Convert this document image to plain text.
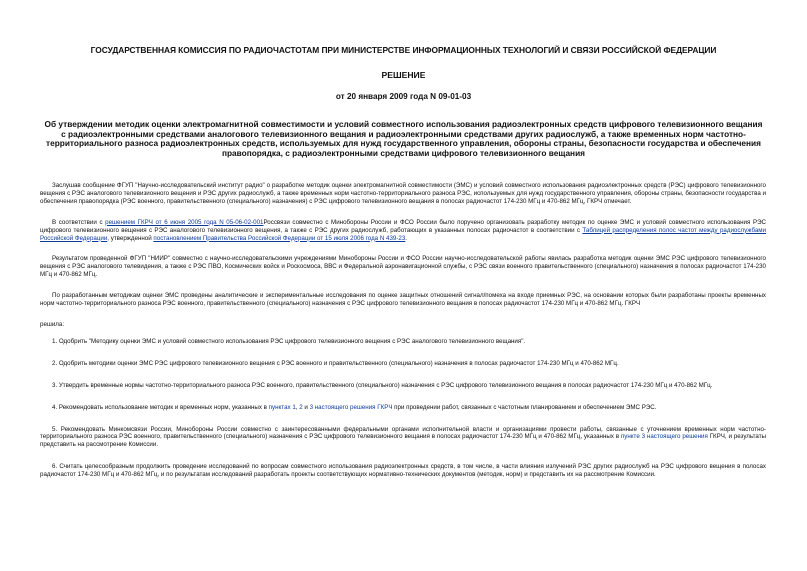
ГОСУДАРСТВЕННАЯ КОМИССИЯ ПО РАДИОЧАСТОТАМ ПРИ МИНИСТЕРСТВЕ ИНФОРМАЦИОННЫХ ТЕХНОЛОГИЙ И СВЯЗИ РОССИЙСКОЙ ФЕДЕРАЦИИ
РЕШЕНИЕ
от 20 января 2009 года N 09-01-03
Об утверждении методик оценки электромагнитной совместимости и условий совместного использования радиоэлектронных средств цифрового телевизионного вещания с радиоэлектронными средствами аналогового телевизионного вещания и радиоэлектронными средствами других радиослужб, а также временных норм частотно-территориального разноса радиоэлектронных средств, используемых для нужд государственного управления, обороны страны, безопасности государства и обеспечения правопорядка, с радиоэлектронными средствами цифрового телевизионного вещания

Заслушав сообщение ФГУП "Научно-исследовательский институт радио" о разработке методик оценки электромагнитной совместимости (ЭМС) и условий совместного использования радиоэлектронных средств (РЭС) цифрового телевизионного вещения с РЭС аналогового телевизионного вещения и РЭС других радиослужб, а также временных норм частотно-территориального разноса РЭС, используемых для нужд государственного управления, обороны страны, безопасности государства и обеспечения правопорядка (РЭС военного, правительственного (специального) назначения) с РЭС цифрового телевизионного вещания в полосах радиочастот 174-230 МГц и 470-862 МГц, ГКРЧ отмечает.

В соответствии с решением ГКРЧ от 6 июня 2005 года N 05-06-02-001Россвязи совместно с Минобороны России и ФСО России было поручено организовать разработку методик по оценке ЭМС и условий совместного использования РЭС цифрового телевизионного вещения с РЭС аналогового телевизионного вещения, а также с РЭС других радиослужб, работающих в указанных полосах радиочастот в соответствии с Таблицей распределения полос частот между радиослужбами Российской Федерации, утвержденной постановлением Правительства Российской Федерации от 15 июля 2006 года N 439-23.

Результатом проведенной ФГУП "НИИР" совместно с научно-исследовательскими учреждениями Минобороны России и ФСО России научно-исследовательской работы явилась разработка методик оценки ЭМС РЭС цифрового телевизионного вещения с РЭС аналогового телевидения, а также с РЭС ПВО, Космических войск и Роскосмоса, ВВС и Федеральной аэронавигационной службы, с РЭС связи военного правительственного (специального) назначения в полосах радиочастот 174-230 МГц и 470-862 МГц.

По разработанным методикам оценки ЭМС проведены аналитические и экспериментальные исследования по оценке защитных отношений сигнал/помеха на входе приемных РЭС, на основании которых были разработаны проекты временных норм частотно-территориального разноса РЭС военного, правительственного (специального) назначения с РЭС цифрового телевизионного вещания в полосах радиочастот 174-230 МГц и 470-862 МГц. ГКРЧ

решила:

1. Одобрить "Методику оценки ЭМС и условий совместного использования РЭС цифрового телевизионного вещения с РЭС аналогового телевизионного вещания".

2. Одобрить методики оценки ЭМС РЭС цифрового телевизионного вещения с РЭС военного и правительственного (специального) назначения в полосах радиочастот 174-230 МГц и 470-862 МГц.

3. Утвердить временные нормы частотно-территориального разноса РЭС военного, правительственного (специального) назначения с РЭС цифрового телевизионного вещания в полосах радиочастот 174-230 МГц и 470-862 МГц.

4. Рекомендовать использование методик и временных норм, указанных в пунктах 1, 2 и 3 настоящего решения ГКРЧ при проведении работ, связанных с частотным планированием и обеспечением ЭМС РЭС.

5. Рекомендовать Минкомсвязи России, Минобороны России совместно с заинтересованными федеральными органами исполнительной власти и организациями провести работы, связанные с уточнением временных норм частотно-территориального разноса РЭС военного, правительственного (специального) назначения с РЭС цифрового телевизионного вещания в полосах радиочастот 174-230 МГц и 470-862 МГц, указанных в пункте 3 настоящего решения ГКРЧ, и результаты представить на рассмотрение Комиссии.

6. Считать целесообразным продолжить проведение исследований по вопросам совместного использования радиоэлектронных средств, в том числе, в части влияния излучений РЭС других радиослужб на РЭС цифрового вещения в полосах радиочастот 174-230 МГц и 470-862 МГц, и по результатам исследований разработать проекты соответствующих нормативно-технических документов (методик, норм) и представить их на рассмотрение Комиссии.
